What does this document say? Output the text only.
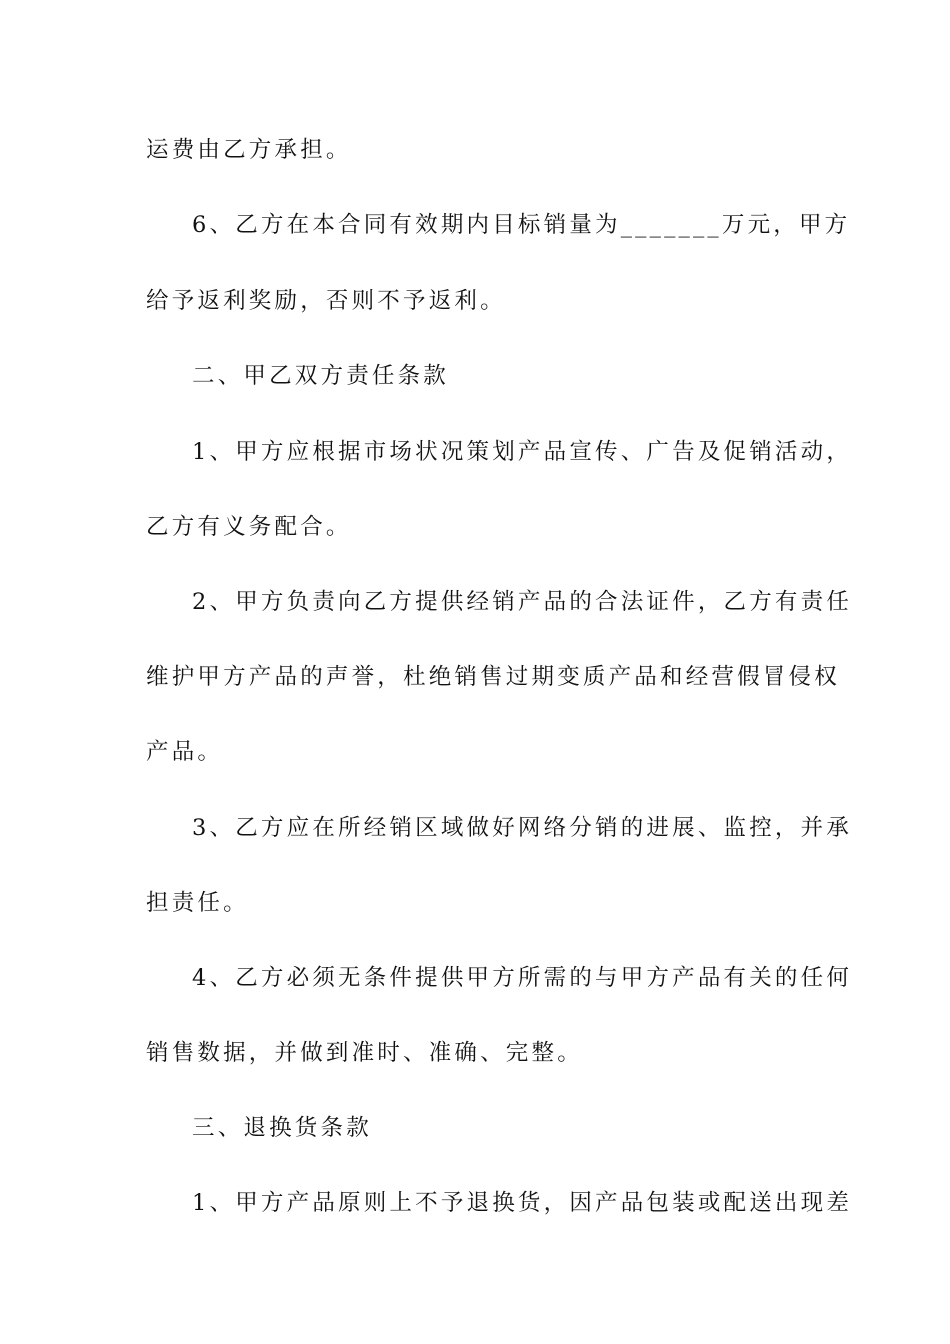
运费由乙方承担。
6、乙方在本合同有效期内目标销量为_______万元，甲方
给予返利奖励，否则不予返利。
二、甲乙双方责任条款
1、甲方应根据市场状况策划产品宣传、广告及促销活动，
乙方有义务配合。
2、甲方负责向乙方提供经销产品的合法证件，乙方有责任
维护甲方产品的声誉，杜绝销售过期变质产品和经营假冒侵权
产品。
3、乙方应在所经销区域做好网络分销的进展、监控，并承
担责任。
4、乙方必须无条件提供甲方所需的与甲方产品有关的任何
销售数据，并做到准时、准确、完整。
三、退换货条款
1、甲方产品原则上不予退换货，因产品包装或配送出现差
